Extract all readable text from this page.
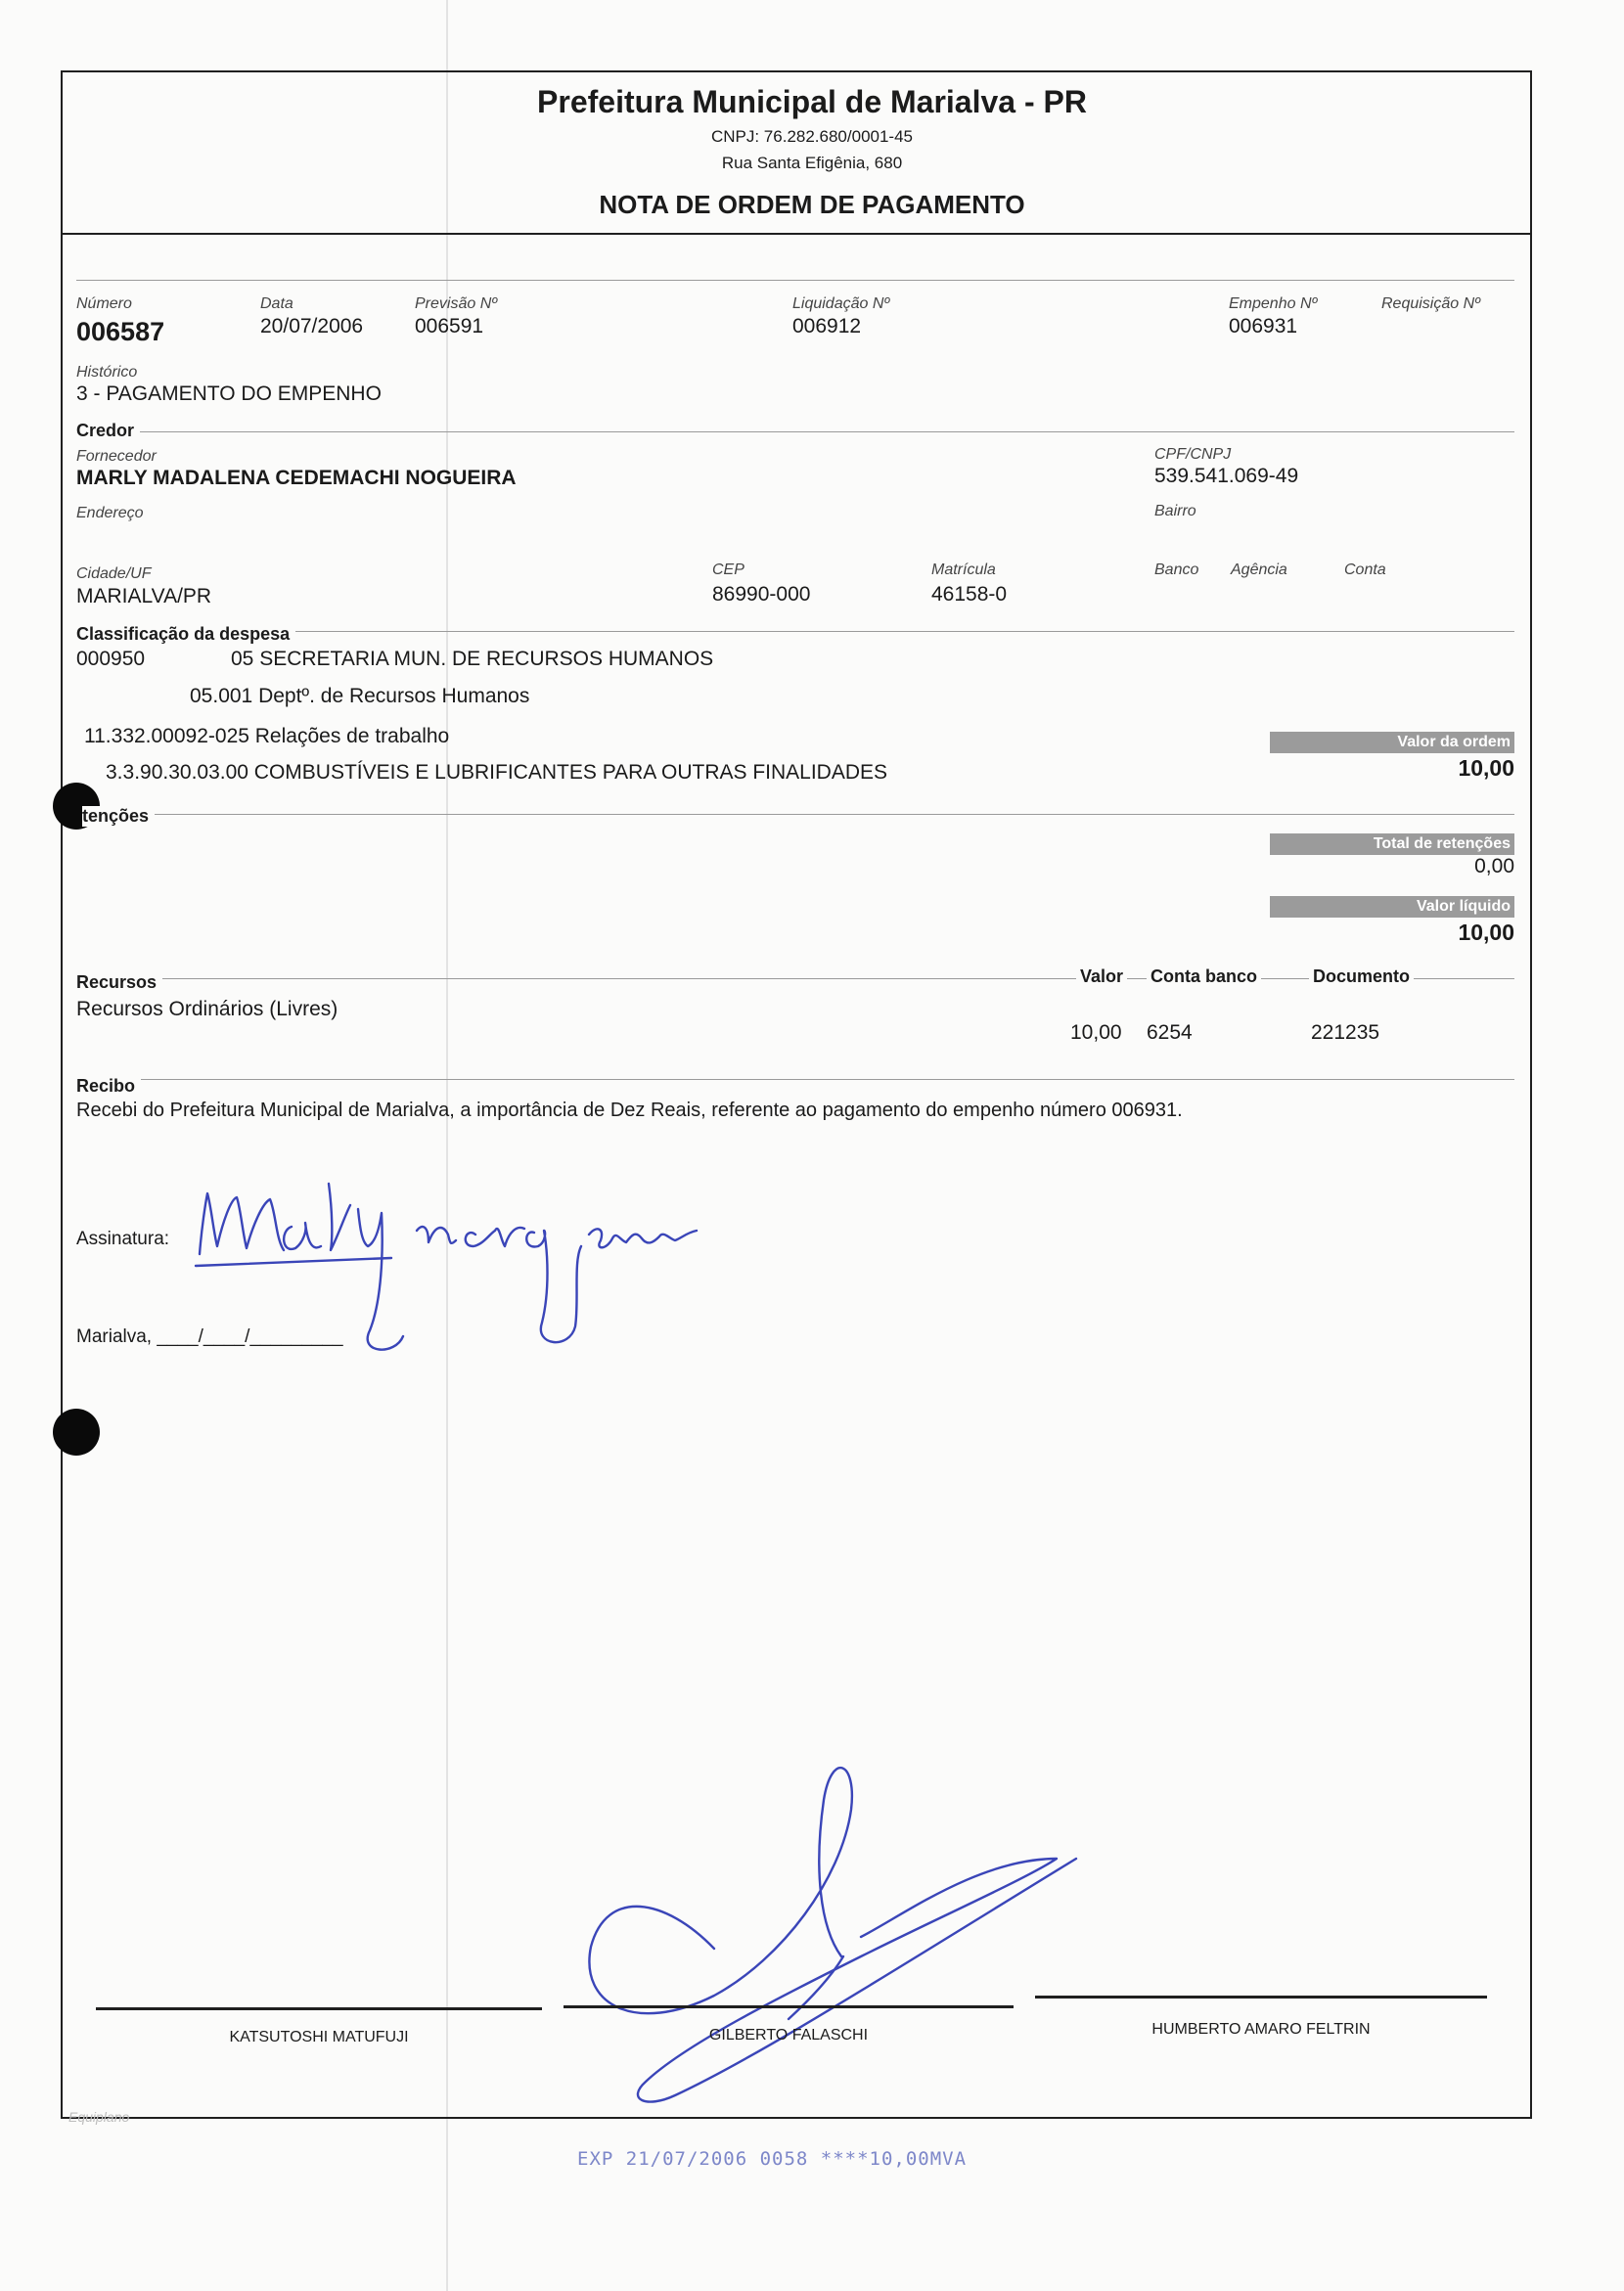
Prefeitura Municipal de Marialva - PR
CNPJ: 76.282.680/0001-45
Rua Santa Efigênia, 680
NOTA DE ORDEM DE PAGAMENTO
Número
006587
Data
20/07/2006
Previsão Nº
006591
Liquidação Nº
006912
Empenho Nº
006931
Requisição Nº
Histórico
3 - PAGAMENTO DO EMPENHO
Credor
Fornecedor
MARLY MADALENA CEDEMACHI NOGUEIRA
CPF/CNPJ
539.541.069-49
Endereço	Bairro
Cidade/UF
MARIALVA/PR
CEP
86990-000
Matrícula
46158-0
Banco Agência	Conta
Classificação da despesa
000950	05 SECRETARIA MUN. DE RECURSOS HUMANOS
05.001 Deptº. de Recursos Humanos
11.332.00092-025 Relações de trabalho
3.3.90.30.03.00 COMBUSTÍVEIS E LUBRIFICANTES PARA OUTRAS FINALIDADES
Valor da ordem
10,00
tenções
Total de retenções
0,00
Valor líquido
10,00
Recursos	Valor Conta banco	Documento
Recursos Ordinários (Livres)
10,00 6254	221235
Recibo
Recebi do Prefeitura Municipal de Marialva, a importância de Dez Reais, referente ao pagamento do empenho número 006931.
Assinatura:
Marialva, ____/____/_________
KATSUTOSHI MATUFUJI	GILBERTO FALASCHI	HUMBERTO AMARO FELTRIN
Equiplano
EXP 21/07/2006 0058 ****10,00MVA
